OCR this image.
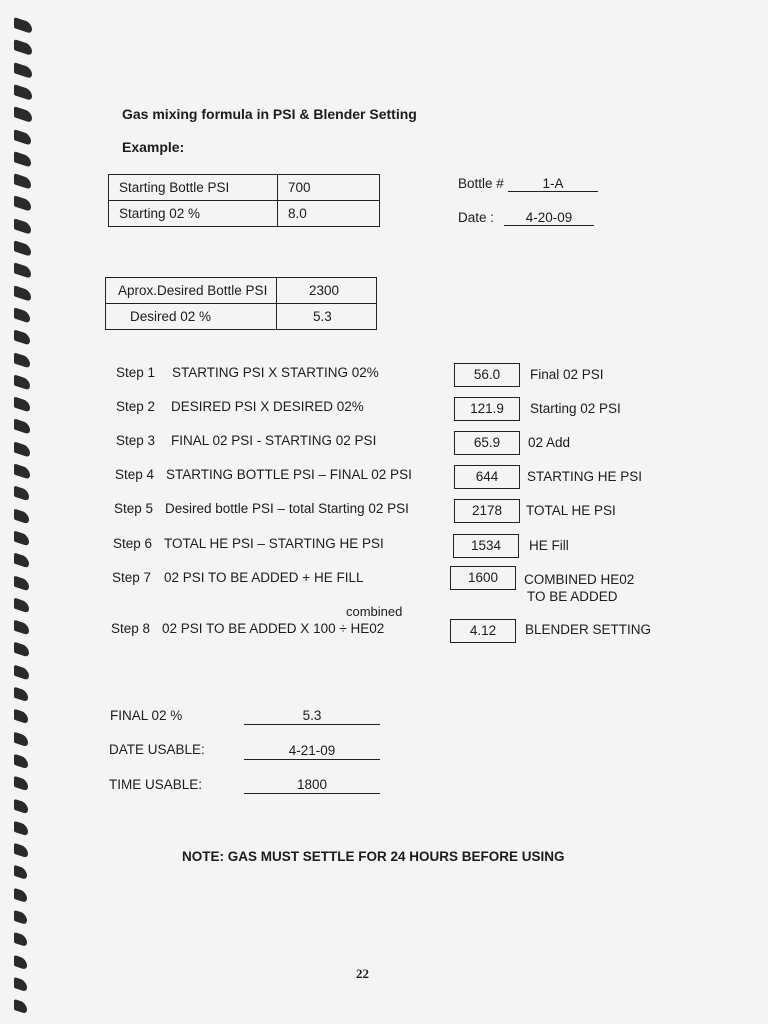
Gas mixing formula in PSI & Blender Setting
Example:
Starting Bottle PSI	700
Starting 02 %	8.0
Bottle #	1-A
Date :	4-20-09
Aprox.Desired Bottle PSI	2300
Desired 02 %	5.3
Step 1 STARTING PSI X STARTING 02%	56.0	Final 02 PSI
Step 2 DESIRED PSI X DESIRED 02%	121.9	Starting 02 PSI
Step 3 FINAL 02 PSI - STARTING 02 PSI	65.9	02 Add
Step 4 STARTING BOTTLE PSI – FINAL 02 PSI	644	STARTING HE PSI
Step 5 Desired bottle PSI – total Starting 02 PSI	2178	TOTAL HE PSI
Step 6 TOTAL HE PSI – STARTING HE PSI	1534	HE Fill
Step 7 02 PSI TO BE ADDED + HE FILL	1600	COMBINED HE02
TO BE ADDED
combined
Step 8 02 PSI TO BE ADDED X 100 ÷ HE02	4.12	BLENDER SETTING
FINAL 02 %	5.3
DATE USABLE:	4-21-09
TIME USABLE:	1800
NOTE: GAS MUST SETTLE FOR 24 HOURS BEFORE USING
22
